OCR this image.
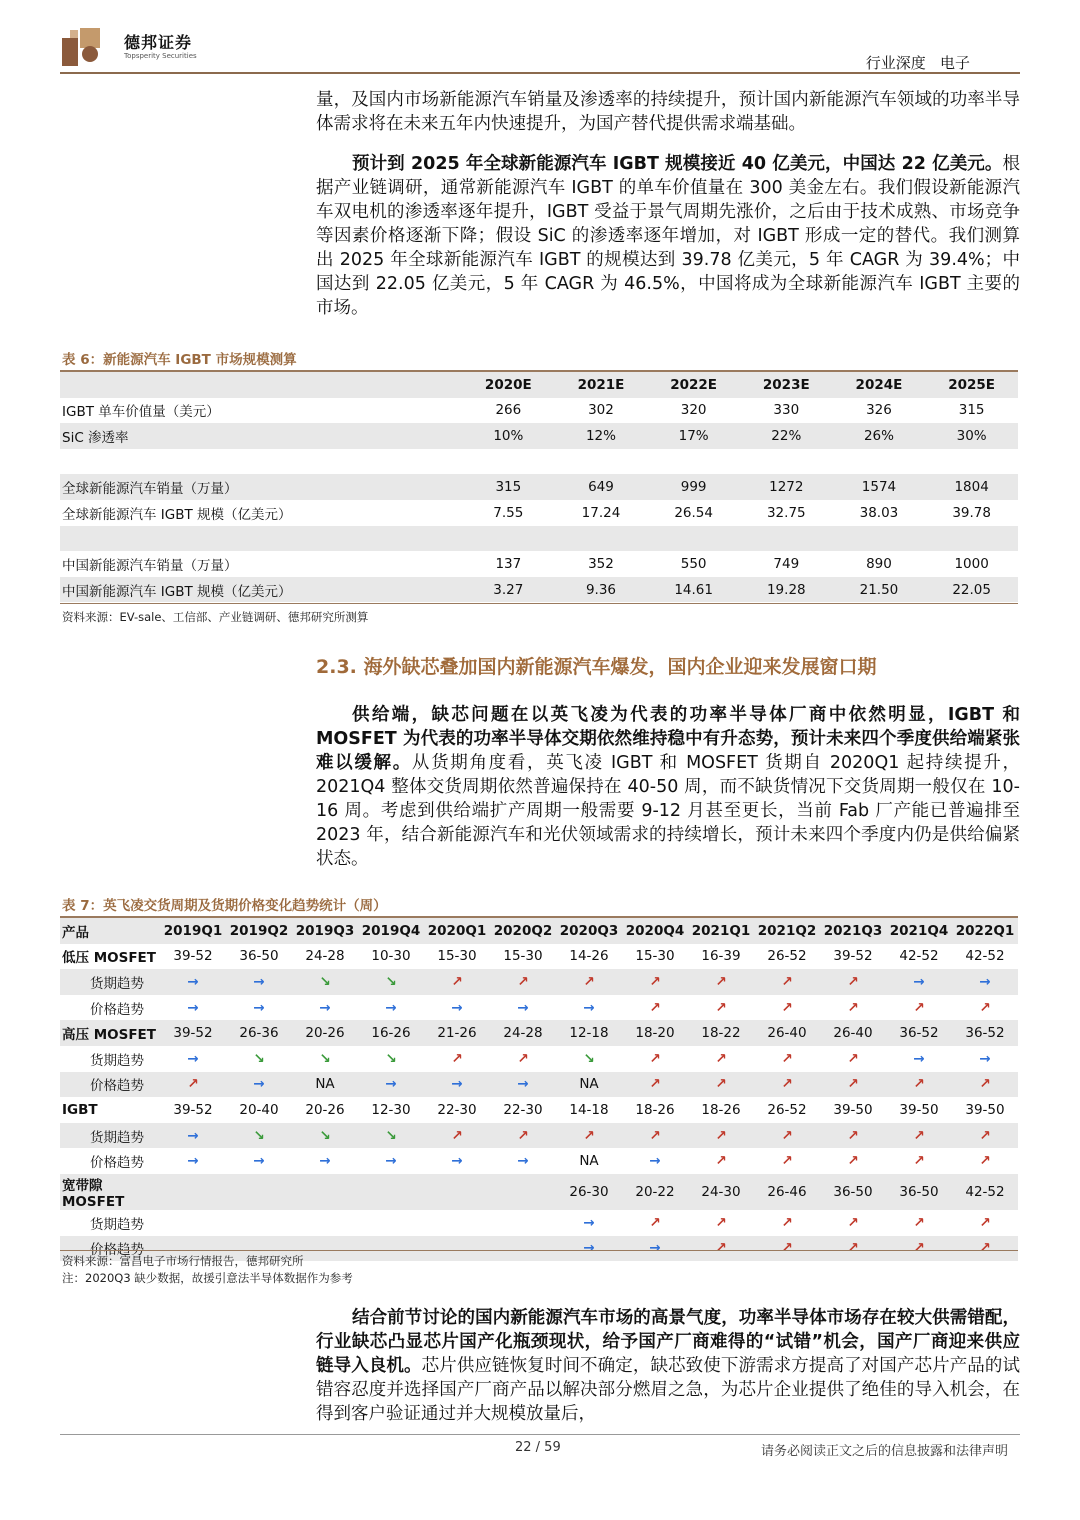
德邦证券
Topsperity Securities	行业深度   电子
量，及国内市场新能源汽车销量及渗透率的持续提升，预计国内新能源汽车领域的功率半导体需求将在未来五年内快速提升，为国产替代提供需求端基础。
预计到 2025 年全球新能源汽车 IGBT 规模接近 40 亿美元，中国达 22 亿美元。根据产业链调研，通常新能源汽车 IGBT 的单车价值量在 300 美金左右。我们假设新能源汽车双电机的渗透率逐年提升，IGBT 受益于景气周期先涨价，之后由于技术成熟、市场竞争等因素价格逐渐下降；假设 SiC 的渗透率逐年增加，对 IGBT 形成一定的替代。我们测算出 2025 年全球新能源汽车 IGBT 的规模达到 39.78 亿美元，5 年 CAGR 为 39.4%；中国达到 22.05 亿美元，5 年 CAGR 为 46.5%，中国将成为全球新能源汽车 IGBT 主要的市场。
表 6：新能源汽车 IGBT 市场规模测算
	2020E	2021E	2022E	2023E	2024E	2025E
IGBT 单车价值量（美元）	266	302	320	330	326	315
SiC 渗透率	10%	12%	17%	22%	26%	30%

全球新能源汽车销量（万量）	315	649	999	1272	1574	1804
全球新能源汽车 IGBT 规模（亿美元）	7.55	17.24	26.54	32.75	38.03	39.78

中国新能源汽车销量（万量）	137	352	550	749	890	1000
中国新能源汽车 IGBT 规模（亿美元）	3.27	9.36	14.61	19.28	21.50	22.05
资料来源：EV-sale、工信部、产业链调研、德邦研究所测算
2.3. 海外缺芯叠加国内新能源汽车爆发，国内企业迎来发展窗口期
供给端，缺芯问题在以英飞凌为代表的功率半导体厂商中依然明显，IGBT 和 MOSFET 为代表的功率半导体交期依然维持稳中有升态势，预计未来四个季度供给端紧张难以缓解。从货期角度看，英飞凌 IGBT 和 MOSFET 货期自 2020Q1 起持续提升，2021Q4 整体交货周期依然普遍保持在 40-50 周，而不缺货情况下交货周期一般仅在 10-16 周。考虑到供给端扩产周期一般需要 9-12 月甚至更长，当前 Fab 厂产能已普遍排至 2023 年，结合新能源汽车和光伏领域需求的持续增长，预计未来四个季度内仍是供给偏紧状态。
表 7：英飞凌交货周期及货期价格变化趋势统计（周）
产品	2019Q1	2019Q2	2019Q3	2019Q4	2020Q1	2020Q2	2020Q3	2020Q4	2021Q1	2021Q2	2021Q3	2021Q4	2022Q1
低压 MOSFET	39-52	36-50	24-28	10-30	15-30	15-30	14-26	15-30	16-39	26-52	39-52	42-52	42-52
货期趋势	→	→	↘	↘	↗	↗	↗	↗	↗	↗	↗	→	→
价格趋势	→	→	→	→	→	→	→	↗	↗	↗	↗	↗	↗
高压 MOSFET	39-52	26-36	20-26	16-26	21-26	24-28	12-18	18-20	18-22	26-40	26-40	36-52	36-52
货期趋势	→	↘	↘	↘	↗	↗	↘	↗	↗	↗	↗	→	→
价格趋势	↗	→	NA	→	→	→	NA	↗	↗	↗	↗	↗	↗
IGBT	39-52	20-40	20-26	12-30	22-30	22-30	14-18	18-26	18-26	26-52	39-50	39-50	39-50
货期趋势	→	↘	↘	↘	↗	↗	↗	↗	↗	↗	↗	↗	↗
价格趋势	→	→	→	→	→	→	NA	→	↗	↗	↗	↗	↗
宽带隙 MOSFET							26-30	20-22	24-30	26-46	36-50	36-50	42-52
货期趋势							→	↗	↗	↗	↗	↗	↗
价格趋势							→	→	↗	↗	↗	↗	↗
资料来源：富昌电子市场行情报告，德邦研究所
注：2020Q3 缺少数据，故援引意法半导体数据作为参考
结合前节讨论的国内新能源汽车市场的高景气度，功率半导体市场存在较大供需错配，行业缺芯凸显芯片国产化瓶颈现状，给予国产厂商难得的“试错”机会，国产厂商迎来供应链导入良机。芯片供应链恢复时间不确定，缺芯致使下游需求方提高了对国产芯片产品的试错容忍度并选择国产厂商产品以解决部分燃眉之急，为芯片企业提供了绝佳的导入机会，在得到客户验证通过并大规模放量后，
22 / 59	请务必阅读正文之后的信息披露和法律声明
